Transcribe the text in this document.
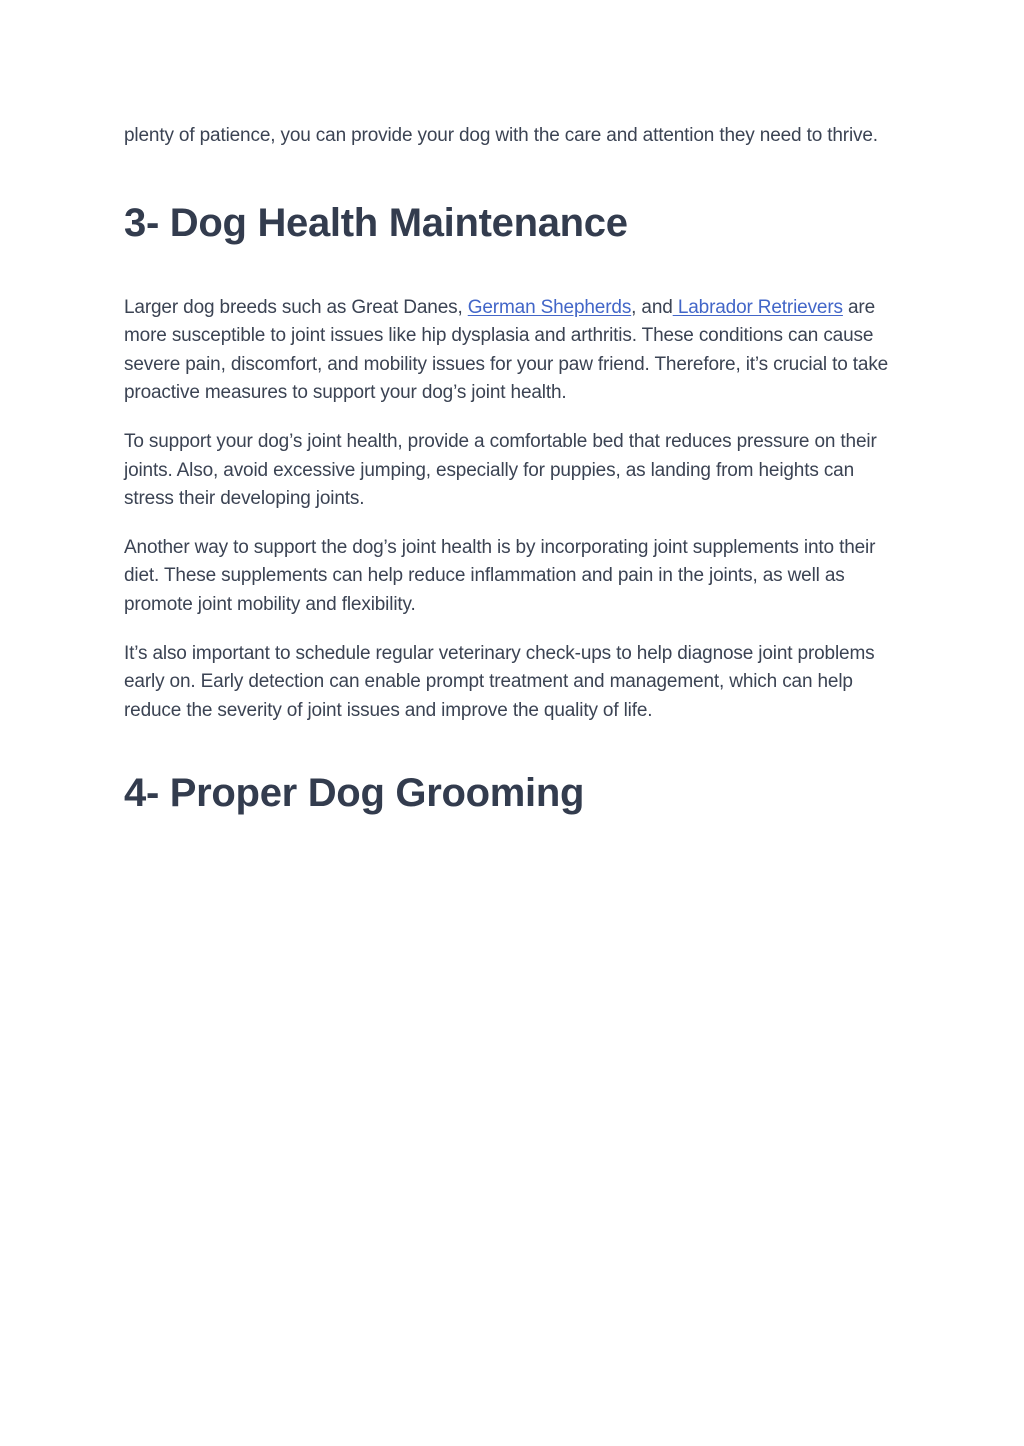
plenty of patience, you can provide your dog with the care and attention they need to thrive.

3- Dog Health Maintenance

Larger dog breeds such as Great Danes, German Shepherds, and Labrador Retrievers are more susceptible to joint issues like hip dysplasia and arthritis. These conditions can cause severe pain, discomfort, and mobility issues for your paw friend. Therefore, it’s crucial to take proactive measures to support your dog’s joint health.

To support your dog’s joint health, provide a comfortable bed that reduces pressure on their joints. Also, avoid excessive jumping, especially for puppies, as landing from heights can stress their developing joints.

Another way to support the dog’s joint health is by incorporating joint supplements into their diet. These supplements can help reduce inflammation and pain in the joints, as well as promote joint mobility and flexibility.

It’s also important to schedule regular veterinary check-ups to help diagnose joint problems early on. Early detection can enable prompt treatment and management, which can help reduce the severity of joint issues and improve the quality of life.

4- Proper Dog Grooming
